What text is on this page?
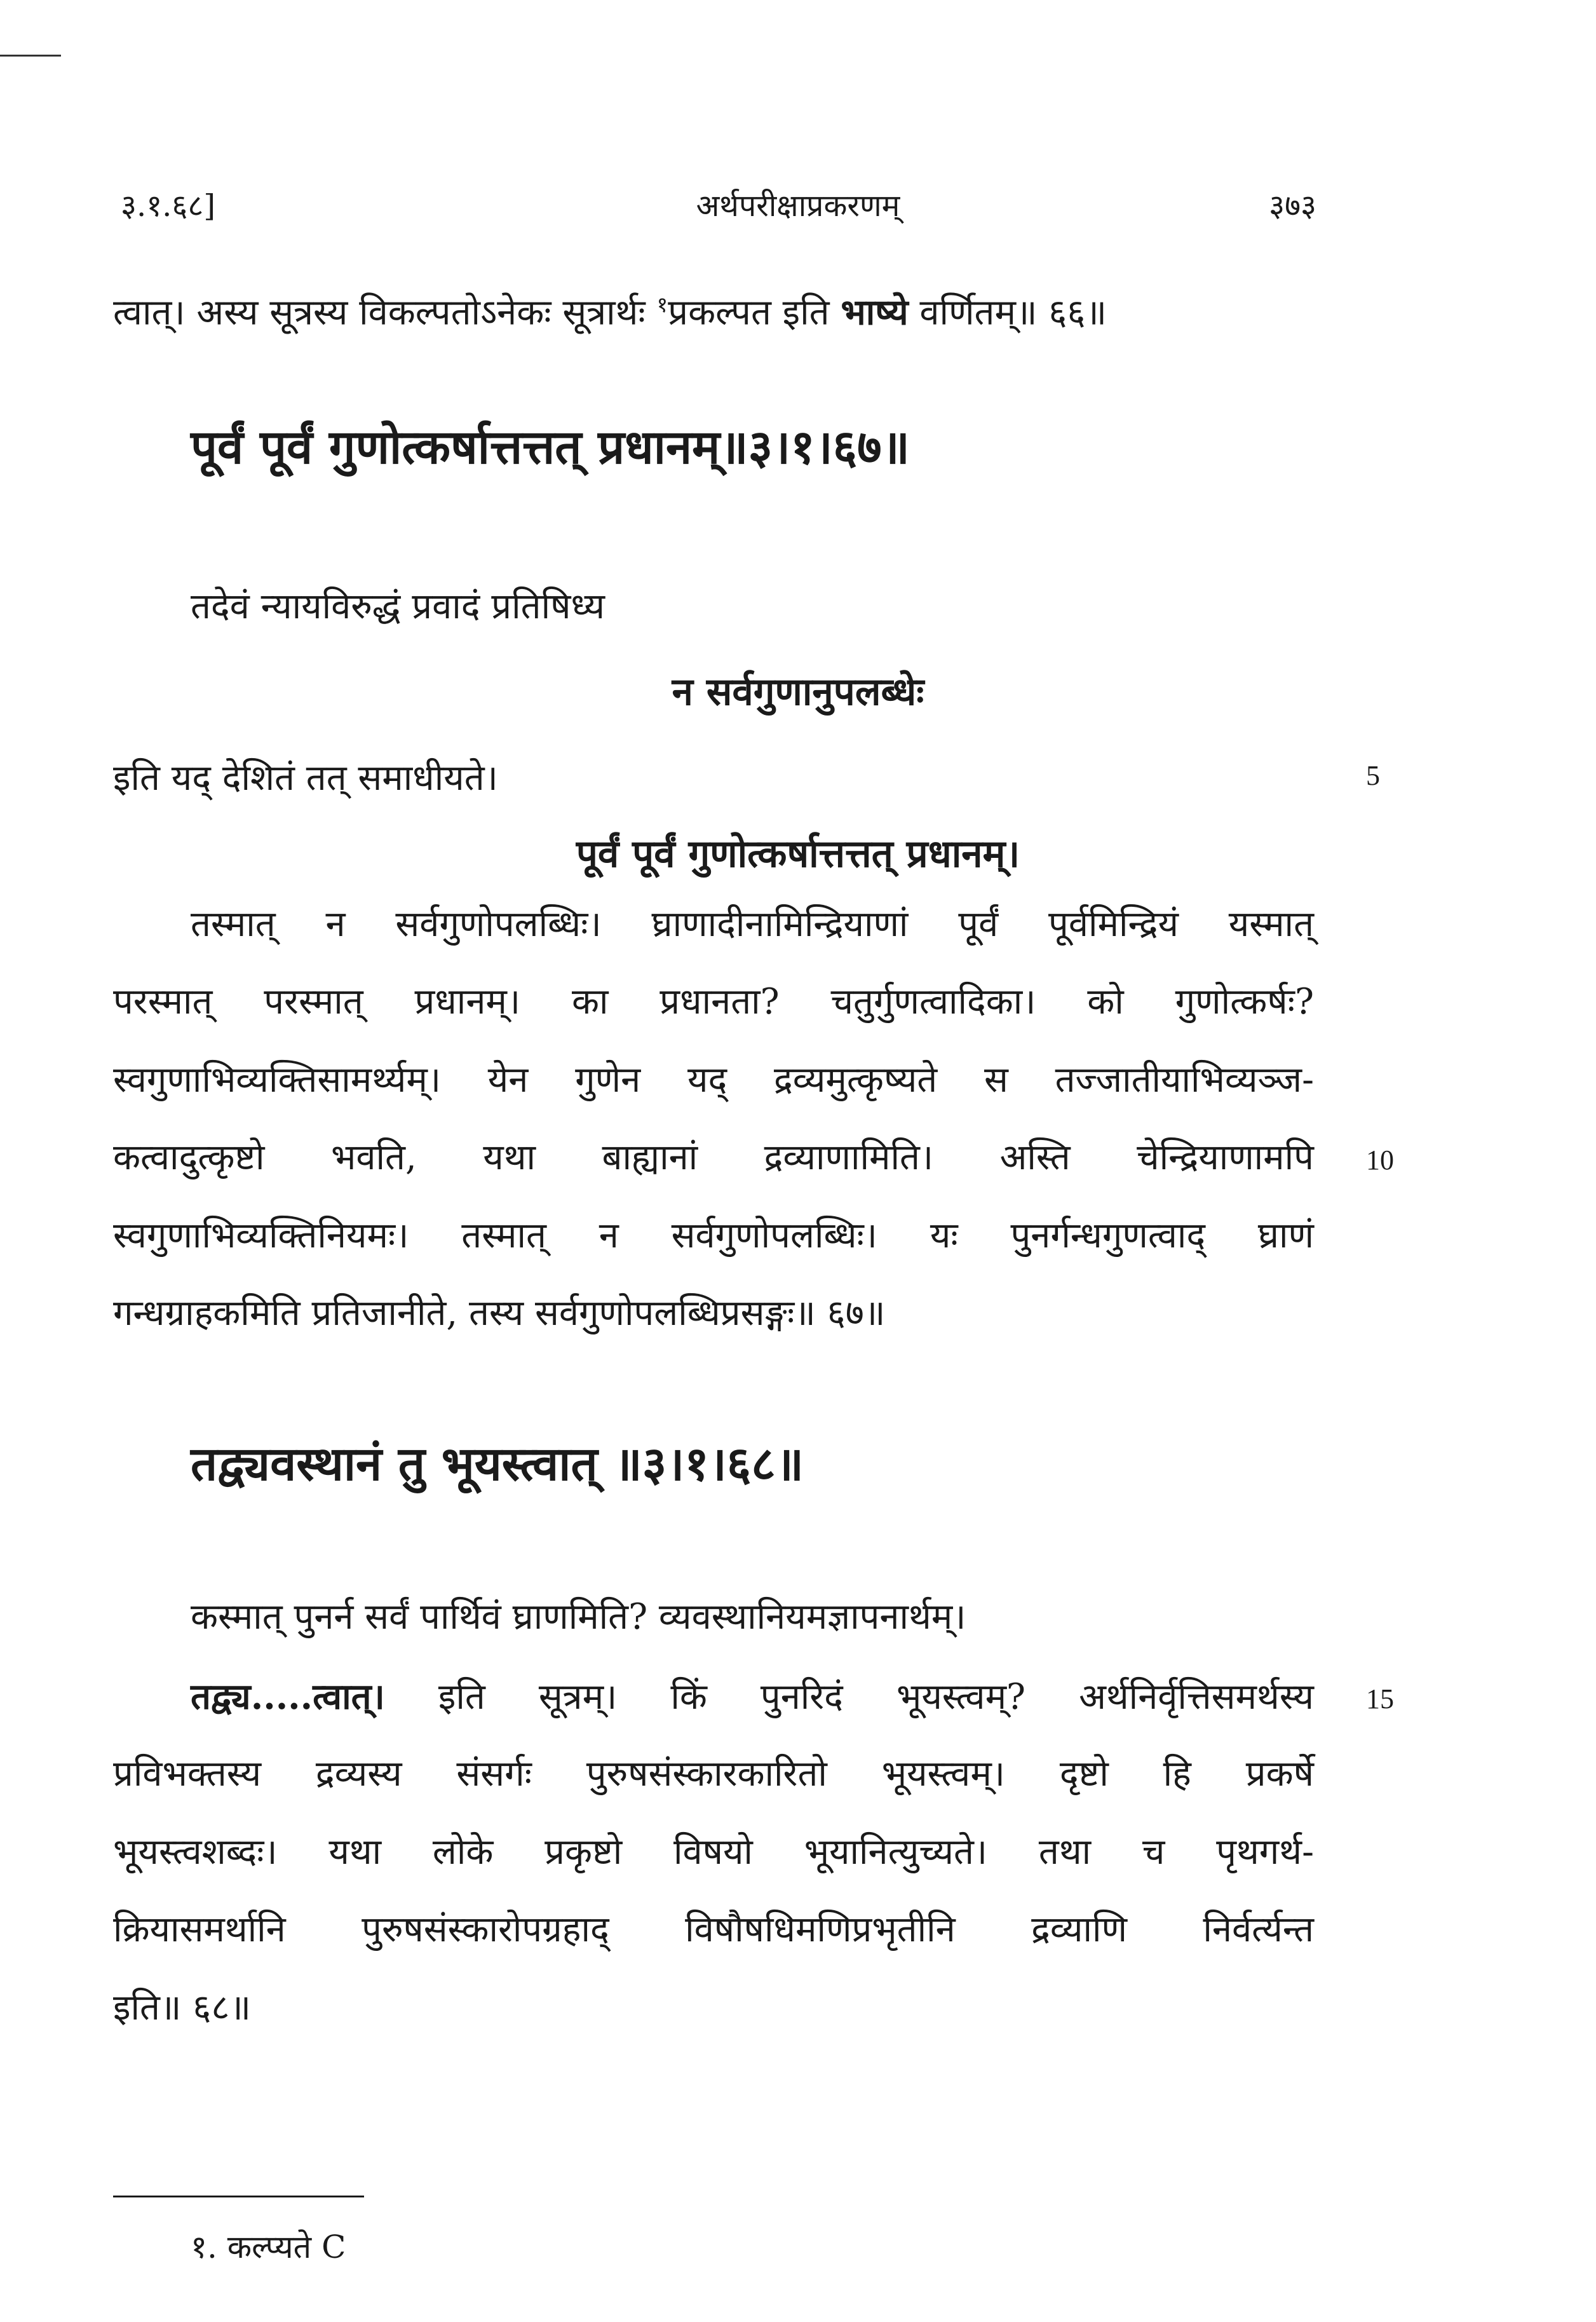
३.१.६८]	अर्थपरीक्षाप्रकरणम्	३७३
त्वात्। अस्य सूत्रस्य विकल्पतोऽनेकः सूत्रार्थः $^१$प्रकल्पत इति भाष्ये वर्णितम्॥ ६६॥
पूर्वं पूर्वं गुणोत्कर्षात्तत्तत् प्रधानम्॥३।१।६७॥
तदेवं न्यायविरुद्धं प्रवादं प्रतिषिध्य
न सर्वगुणानुपलब्धेः
इति यद् देशितं तत् समाधीयते।	5
पूर्वं पूर्वं गुणोत्कर्षात्तत्तत् प्रधानम्।
तस्मात् न सर्वगुणोपलब्धिः। घ्राणादीनामिन्द्रियाणां पूर्वं पूर्वमिन्द्रियं यस्मात्
परस्मात् परस्मात् प्रधानम्। का प्रधानता? चतुर्गुणत्वादिका। को गुणोत्कर्षः?
स्वगुणाभिव्यक्तिसामर्थ्यम्। येन गुणेन यद् द्रव्यमुत्कृष्यते स तज्जातीयाभिव्यञ्ज-
कत्वादुत्कृष्टो भवति, यथा बाह्यानां द्रव्याणामिति। अस्ति चेन्द्रियाणामपि 10
स्वगुणाभिव्यक्तिनियमः। तस्मात् न सर्वगुणोपलब्धिः। यः पुनर्गन्धगुणत्वाद् घ्राणं
गन्धग्राहकमिति प्रतिजानीते, तस्य सर्वगुणोपलब्धिप्रसङ्गः॥ ६७॥
तद्व्यवस्थानं तु भूयस्त्वात् ॥३।१।६८॥
कस्मात् पुनर्न सर्वं पार्थिवं घ्राणमिति? व्यवस्थानियमज्ञापनार्थम्।
तद्व्य.....त्वात्। इति सूत्रम्। किं पुनरिदं भूयस्त्वम्? अर्थनिर्वृत्तिसमर्थस्य 15
प्रविभक्तस्य द्रव्यस्य संसर्गः पुरुषसंस्कारकारितो भूयस्त्वम्। दृष्टो हि प्रकर्षे
भूयस्त्वशब्दः। यथा लोके प्रकृष्टो विषयो भूयानित्युच्यते। तथा च पृथगर्थ-
क्रियासमर्थानि पुरुषसंस्कारोपग्रहाद् विषौषधिमणिप्रभृतीनि द्रव्याणि निर्वर्त्यन्त
इति॥ ६८॥
१. कल्प्यते C
